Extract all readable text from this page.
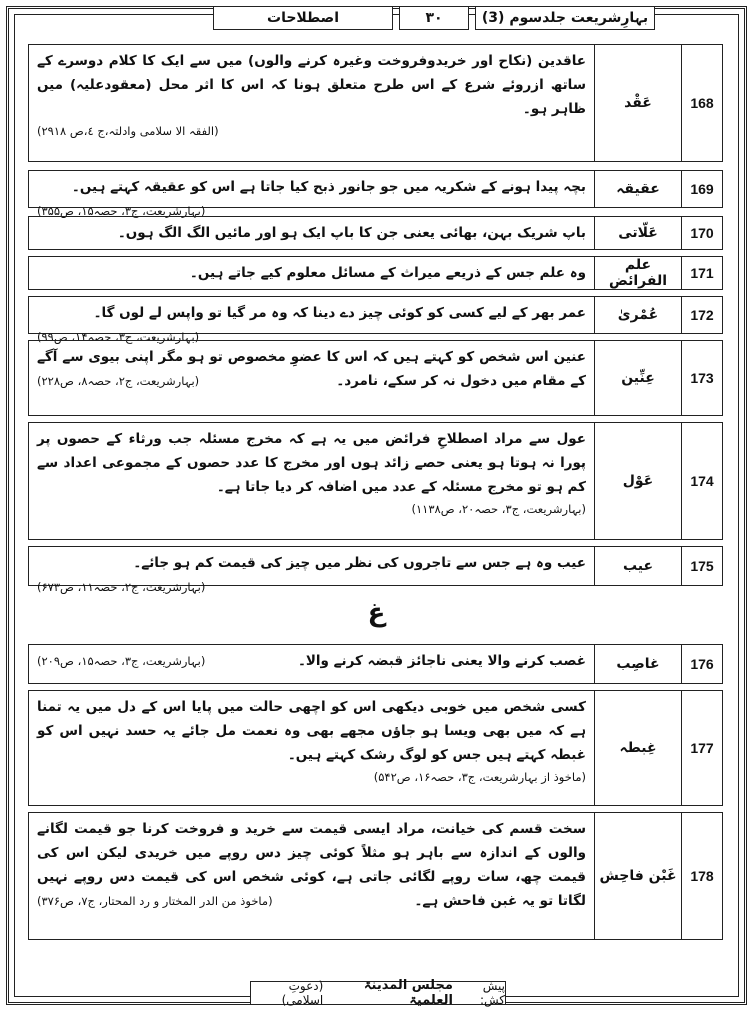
بہارِشریعت جلدسوم (3)
۳۰
اصطلاحات
168
عَقْد
عاقدین (نکاح اور خریدوفروخت وغیرہ کرنے والوں) میں سے ایک کا کلام دوسرے کے ساتھ ازروئے شرع کے اس طرح متعلق ہونا کہ اس کا اثر محل (معقودعلیہ) میں ظاہر ہو۔
(الفقہ الا سلامی وادلتہ،ج ٤،ص ٢٩١٨)
169
عقیقہ
بچہ پیدا ہونے کے شکریہ میں جو جانور ذبح کیا جاتا ہے اس کو عقیقہ کہتے ہیں۔
(بہارشریعت، ج۳، حصہ۱۵، ص۳۵۵)
170
عَلّاتی
باپ شریک بہن، بھائی یعنی جن کا باپ ایک ہو اور مائیں الگ الگ ہوں۔
171
علم الفرائض
وہ علم جس کے ذریعے میراث کے مسائل معلوم کیے جاتے ہیں۔
172
عُمْریٰ
عمر بھر کے لیے کسی کو کوئی چیز دے دینا کہ وہ مر گیا تو واپس لے لوں گا۔
(بہارشریعت، ج۳، حصہ۱۴، ص۹۹)
173
عِنِّین
عنین اس شخص کو کہتے ہیں کہ اس کا عضوِ مخصوص تو ہو مگر اپنی بیوی سے آگے کے مقام میں دخول نہ کر سکے، نامرد۔
(بہارشریعت، ج۲، حصہ۸، ص۲۲۸)
174
عَوْل
عول سے مراد اصطلاحِ فرائض میں یہ ہے کہ مخرج مسئلہ جب ورثاء کے حصوں پر پورا نہ ہوتا ہو یعنی حصے زائد ہوں اور مخرج کا عدد حصوں کے مجموعی اعداد سے کم ہو تو مخرج مسئلہ کے عدد میں اضافہ کر دیا جاتا ہے۔
(بہارشریعت، ج۳، حصہ۲۰، ص۱۱۳۸)
175
عیب
عیب وہ ہے جس سے تاجروں کی نظر میں چیز کی قیمت کم ہو جائے۔
(بہارشریعت، ج۲، حصہ۱۱، ص۶۷۳)
غ
176
غاصِب
غصب کرنے والا یعنی ناجائز قبضہ کرنے والا۔
(بہارشریعت، ج۳، حصہ۱۵، ص۲۰۹)
177
غِبطہ
کسی شخص میں خوبی دیکھی اس کو اچھی حالت میں پایا اس کے دل میں یہ تمنا ہے کہ میں بھی ویسا ہو جاؤں مجھے بھی وہ نعمت مل جائے یہ حسد نہیں اس کو غبطہ کہتے ہیں جس کو لوگ رشک کہتے ہیں۔
(ماخوذ از بہارشریعت، ج۳، حصہ۱۶، ص۵۴۲)
178
غَبْن فاحِش
سخت قسم کی خیانت، مراد ایسی قیمت سے خرید و فروخت کرنا جو قیمت لگانے والوں کے اندازہ سے باہر ہو مثلاً کوئی چیز دس روپے میں خریدی لیکن اس کی قیمت چھ، سات روپے لگائی جاتی ہے، کوئی شخص اس کی قیمت دس روپے نہیں لگاتا تو یہ غبن فاحش ہے۔
(ماخوذ من الدر المختار و رد المحتار، ج۷، ص۳۷۶)
پیش کش:
مجلس المدینۃ العلمیۃ
(دعوتِ اسلامی)
